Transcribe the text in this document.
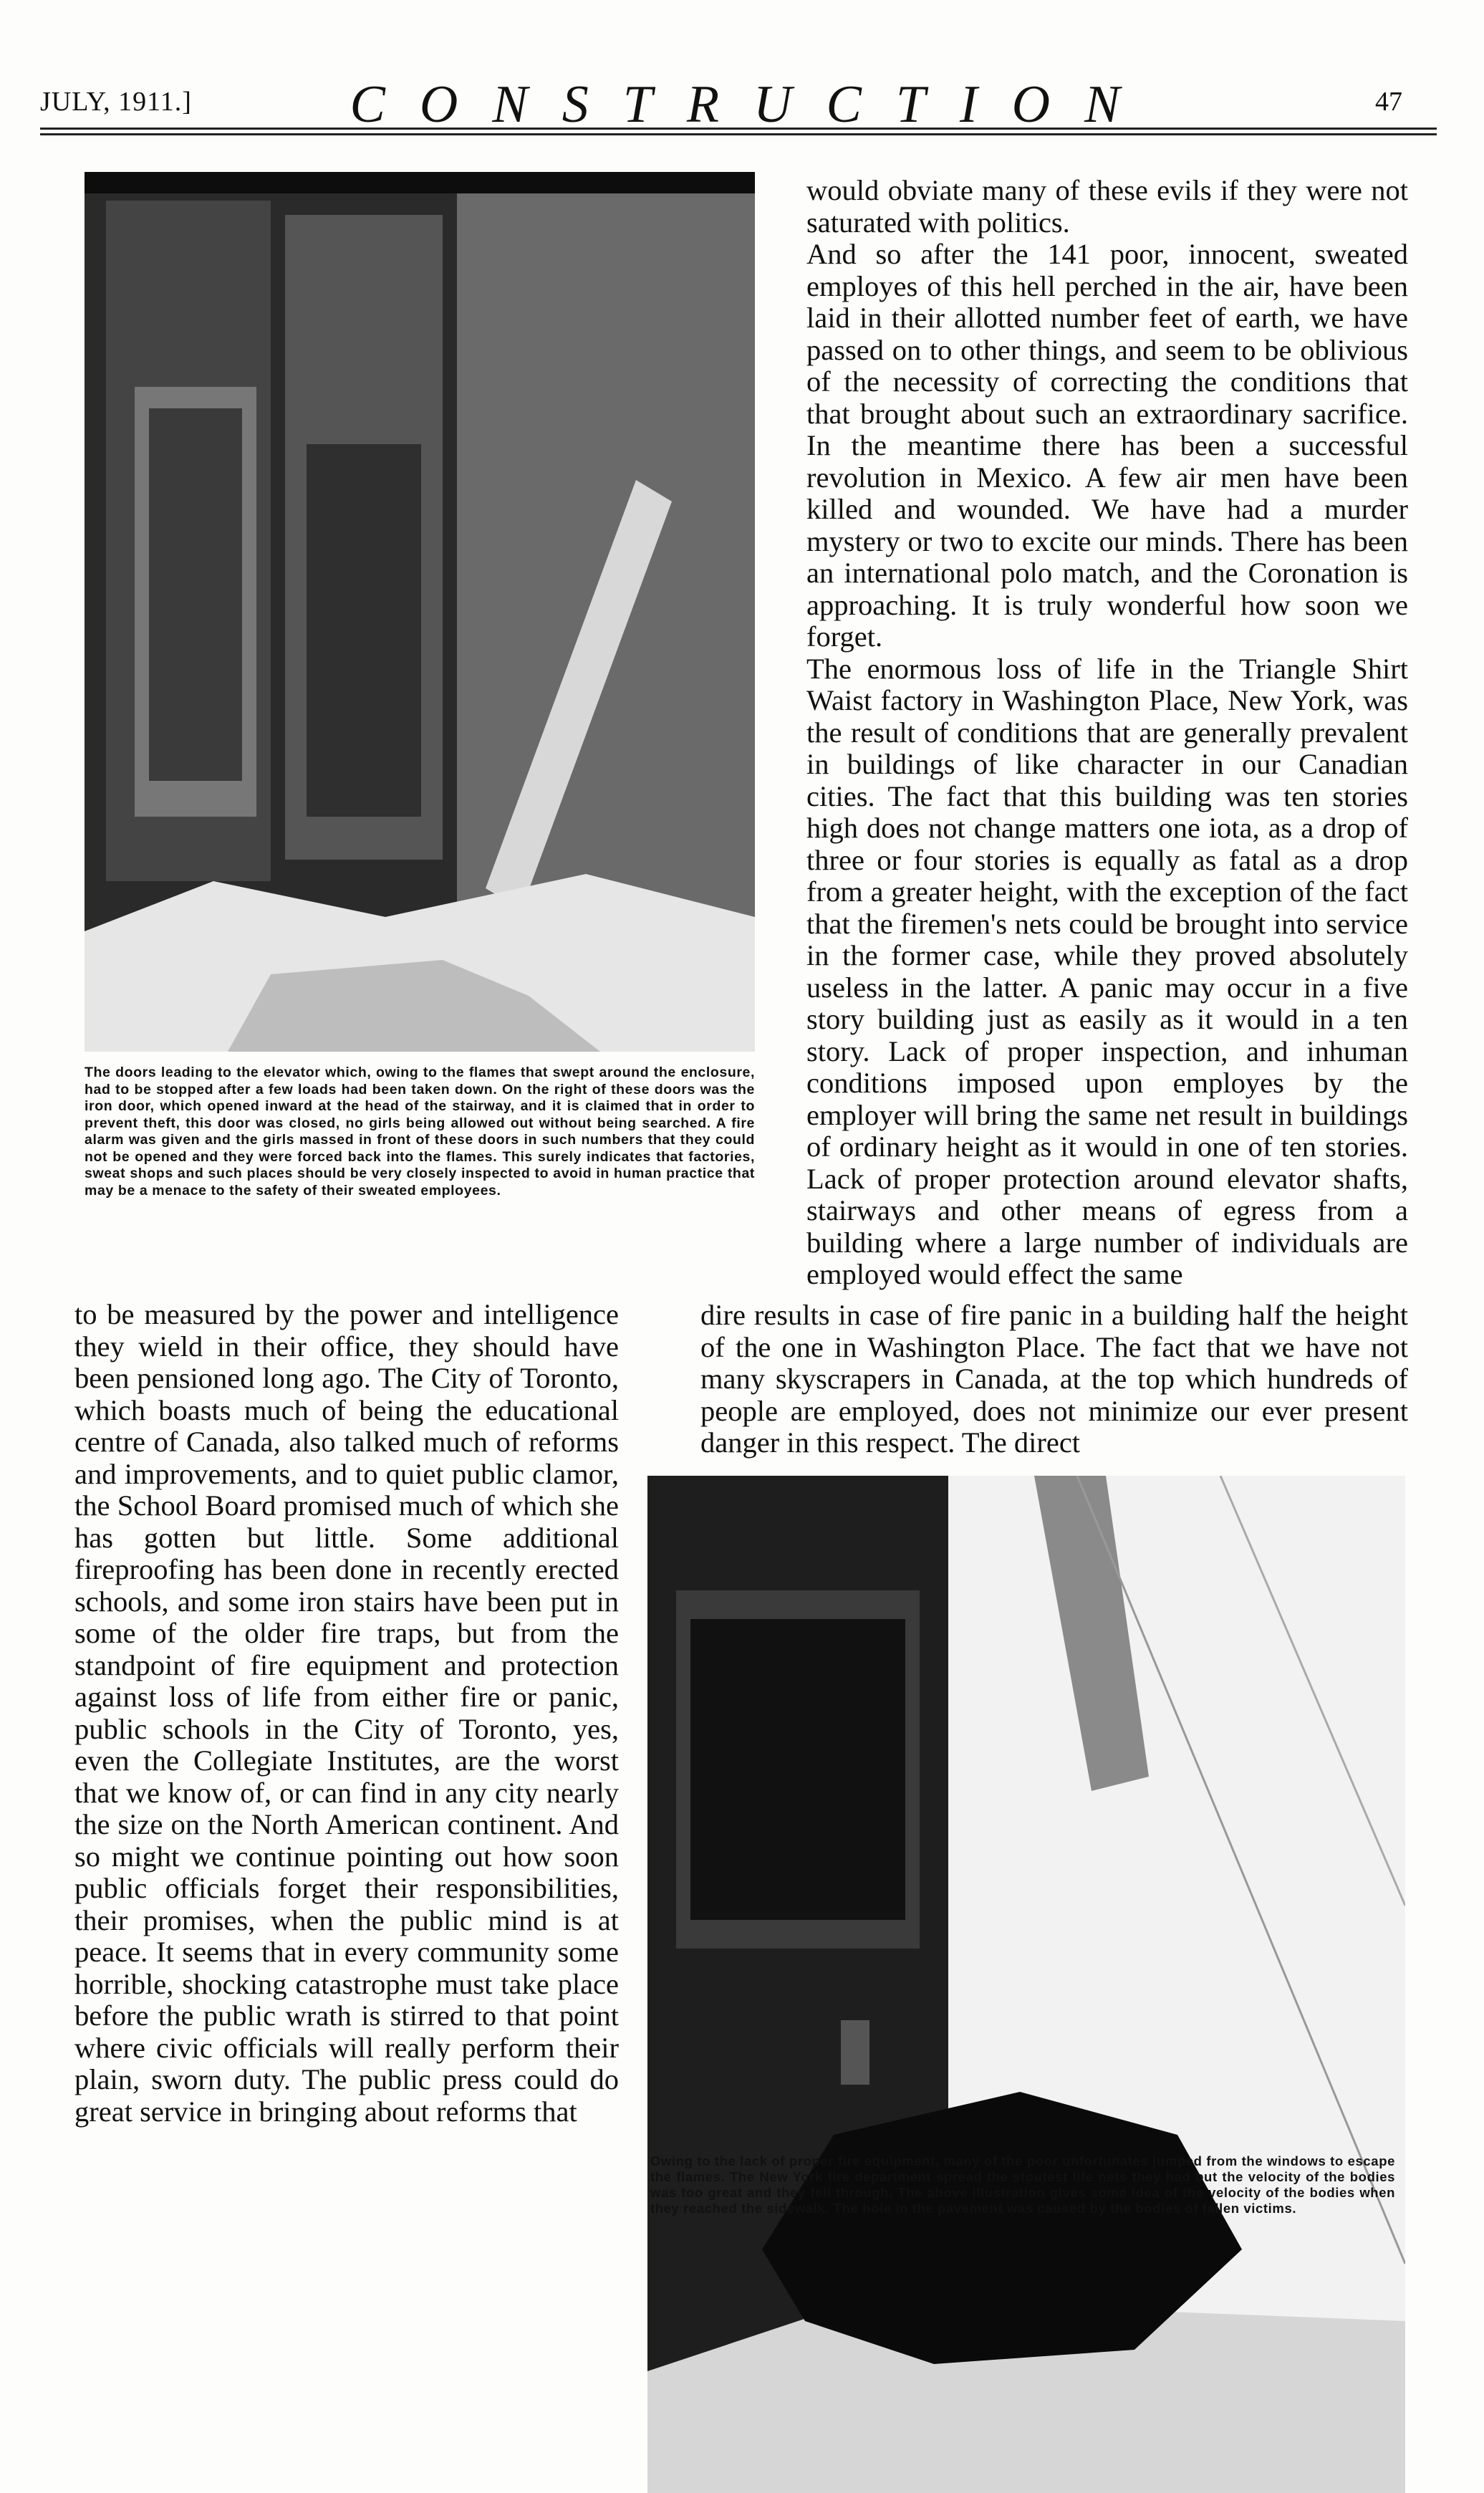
JULY, 1911.]	CONSTRUCTION	47
The doors leading to the elevator which, owing to the flames that swept around the enclosure, had to be stopped after a few loads had been taken down. On the right of these doors was the iron door, which opened inward at the head of the stairway, and it is claimed that in order to prevent theft, this door was closed, no girls being allowed out without being searched. A fire alarm was given and the girls massed in front of these doors in such numbers that they could not be opened and they were forced back into the flames. This surely indicates that factories, sweat shops and such places should be very closely inspected to avoid in human practice that may be a menace to the safety of their sweated employees.

to be measured by the power and intelligence they wield in their office, they should have been pensioned long ago. The City of Toronto, which boasts much of being the educational centre of Canada, also talked much of reforms and improvements, and to quiet public clamor, the School Board promised much of which she has gotten but little. Some additional fireproofing has been done in recently erected schools, and some iron stairs have been put in some of the older fire traps, but from the standpoint of fire equipment and protection against loss of life from either fire or panic, public schools in the City of Toronto, yes, even the Collegiate Institutes, are the worst that we know of, or can find in any city nearly the size on the North American continent. And so might we continue pointing out how soon public officials forget their responsibilities, their promises, when the public mind is at peace. It seems that in every community some horrible, shocking catastrophe must take place before the public wrath is stirred to that point where civic officials will really perform their plain, sworn duty. The public press could do great service in bringing about reforms that

would obviate many of these evils if they were not saturated with politics.

And so after the 141 poor, innocent, sweated employes of this hell perched in the air, have been laid in their allotted number feet of earth, we have passed on to other things, and seem to be oblivious of the necessity of correcting the conditions that that brought about such an extraordinary sacrifice. In the meantime there has been a successful revolution in Mexico. A few air men have been killed and wounded. We have had a murder mystery or two to excite our minds. There has been an international polo match, and the Coronation is approaching. It is truly wonderful how soon we forget.

The enormous loss of life in the Triangle Shirt Waist factory in Washington Place, New York, was the result of conditions that are generally prevalent in buildings of like character in our Canadian cities. The fact that this building was ten stories high does not change matters one iota, as a drop of three or four stories is equally as fatal as a drop from a greater height, with the exception of the fact that the firemen's nets could be brought into service in the former case, while they proved absolutely useless in the latter. A panic may occur in a five story building just as easily as it would in a ten story. Lack of proper inspection, and inhuman conditions imposed upon employes by the employer will bring the same net result in buildings of ordinary height as it would in one of ten stories. Lack of proper protection around elevator shafts, stairways and other means of egress from a building where a large number of individuals are employed would effect the same

dire results in case of fire panic in a building half the height of the one in Washington Place. The fact that we have not many skyscrapers in Canada, at the top which hundreds of people are employed, does not minimize our ever present danger in this respect. The direct

Owing to the lack of proper fire equipment, many of the poor unfortunates jumped from the windows to escape the flames. The New York fire department spread the stoutest life nets they had but the velocity of the bodies was too great and they fell through. The above illustration gives some idea of the velocity of the bodies when they reached the sidewalk. The hole in the pavement was caused by the bodies of fallen victims.
